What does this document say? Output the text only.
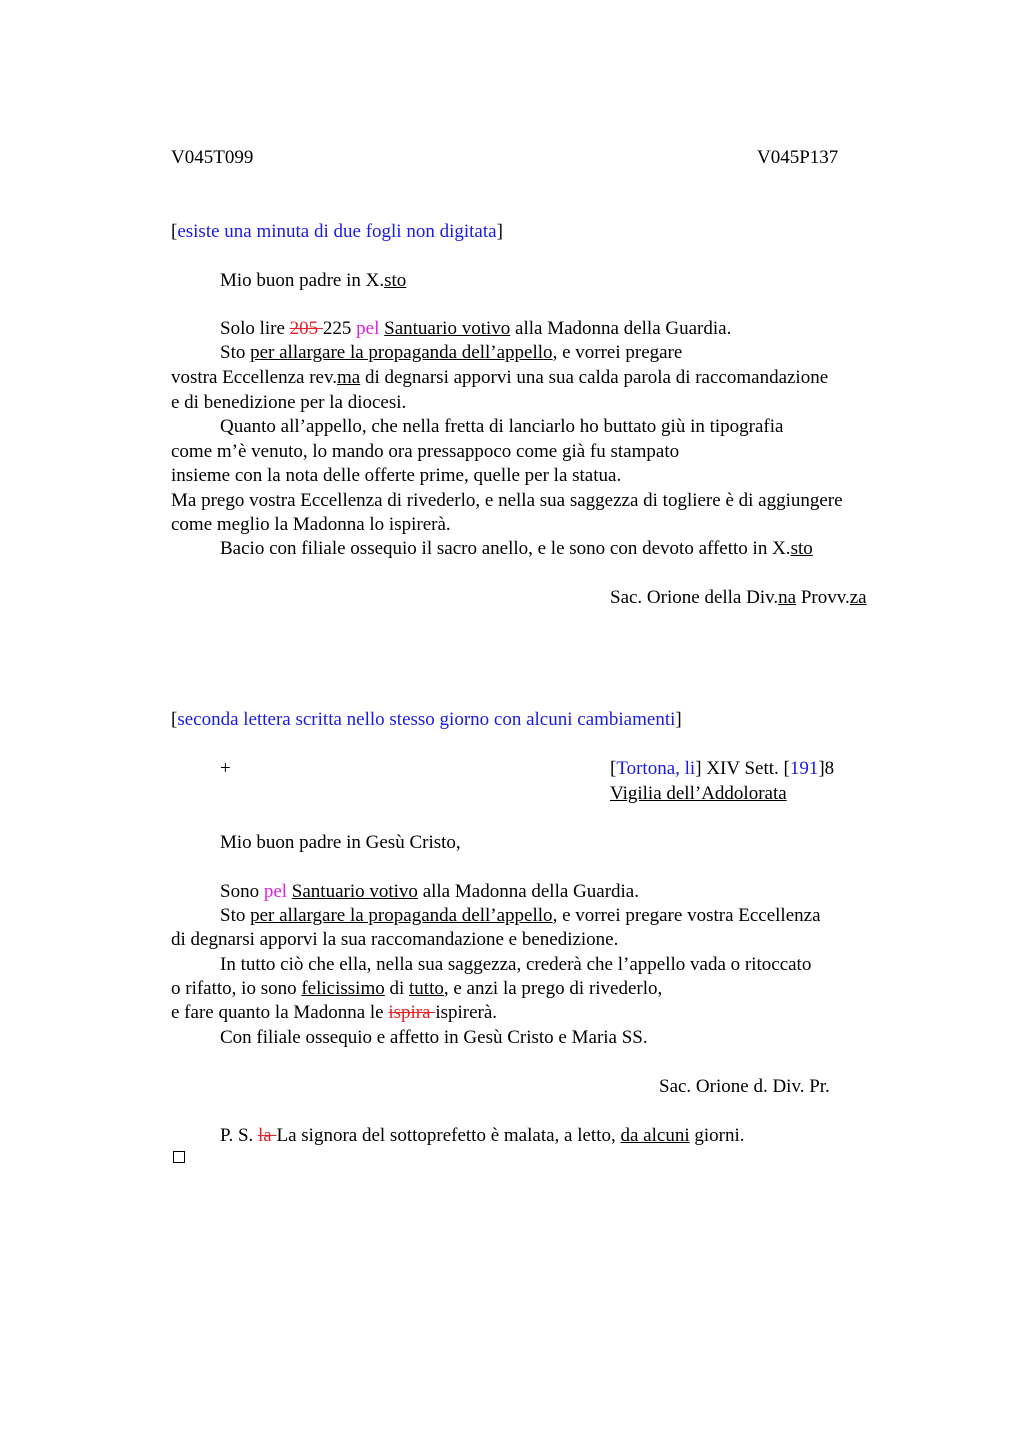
V045T099	V045P137
[esiste una minuta di due fogli non digitata]
Mio buon padre in X.sto
Solo lire 205 225 pel Santuario votivo alla Madonna della Guardia.
Sto per allargare la propaganda dell’appello, e vorrei pregare
vostra Eccellenza rev.ma di degnarsi apporvi una sua calda parola di raccomandazione
e di benedizione per la diocesi.
Quanto all’appello, che nella fretta di lanciarlo ho buttato giù in tipografia
come m’è venuto, lo mando ora pressappoco come già fu stampato
insieme con la nota delle offerte prime, quelle per la statua.
Ma prego vostra Eccellenza di rivederlo, e nella sua saggezza di togliere è di aggiungere
come meglio la Madonna lo ispirerà.
Bacio con filiale ossequio il sacro anello, e le sono con devoto affetto in X.sto
Sac. Orione della Div.na Provv.za
[seconda lettera scritta nello stesso giorno con alcuni cambiamenti]
+	[Tortona, li] XIV Sett. [191]8
Vigilia dell’Addolorata
Mio buon padre in Gesù Cristo,
Sono pel Santuario votivo alla Madonna della Guardia.
Sto per allargare la propaganda dell’appello, e vorrei pregare vostra Eccellenza
di degnarsi apporvi la sua raccomandazione e benedizione.
In tutto ciò che ella, nella sua saggezza, crederà che l’appello vada o ritoccato
o rifatto, io sono felicissimo di tutto, e anzi la prego di rivederlo,
e fare quanto la Madonna le ispira ispirerà.
Con filiale ossequio e affetto in Gesù Cristo e Maria SS.
Sac. Orione d. Div. Pr.
P. S. la La signora del sottoprefetto è malata, a letto, da alcuni giorni.
